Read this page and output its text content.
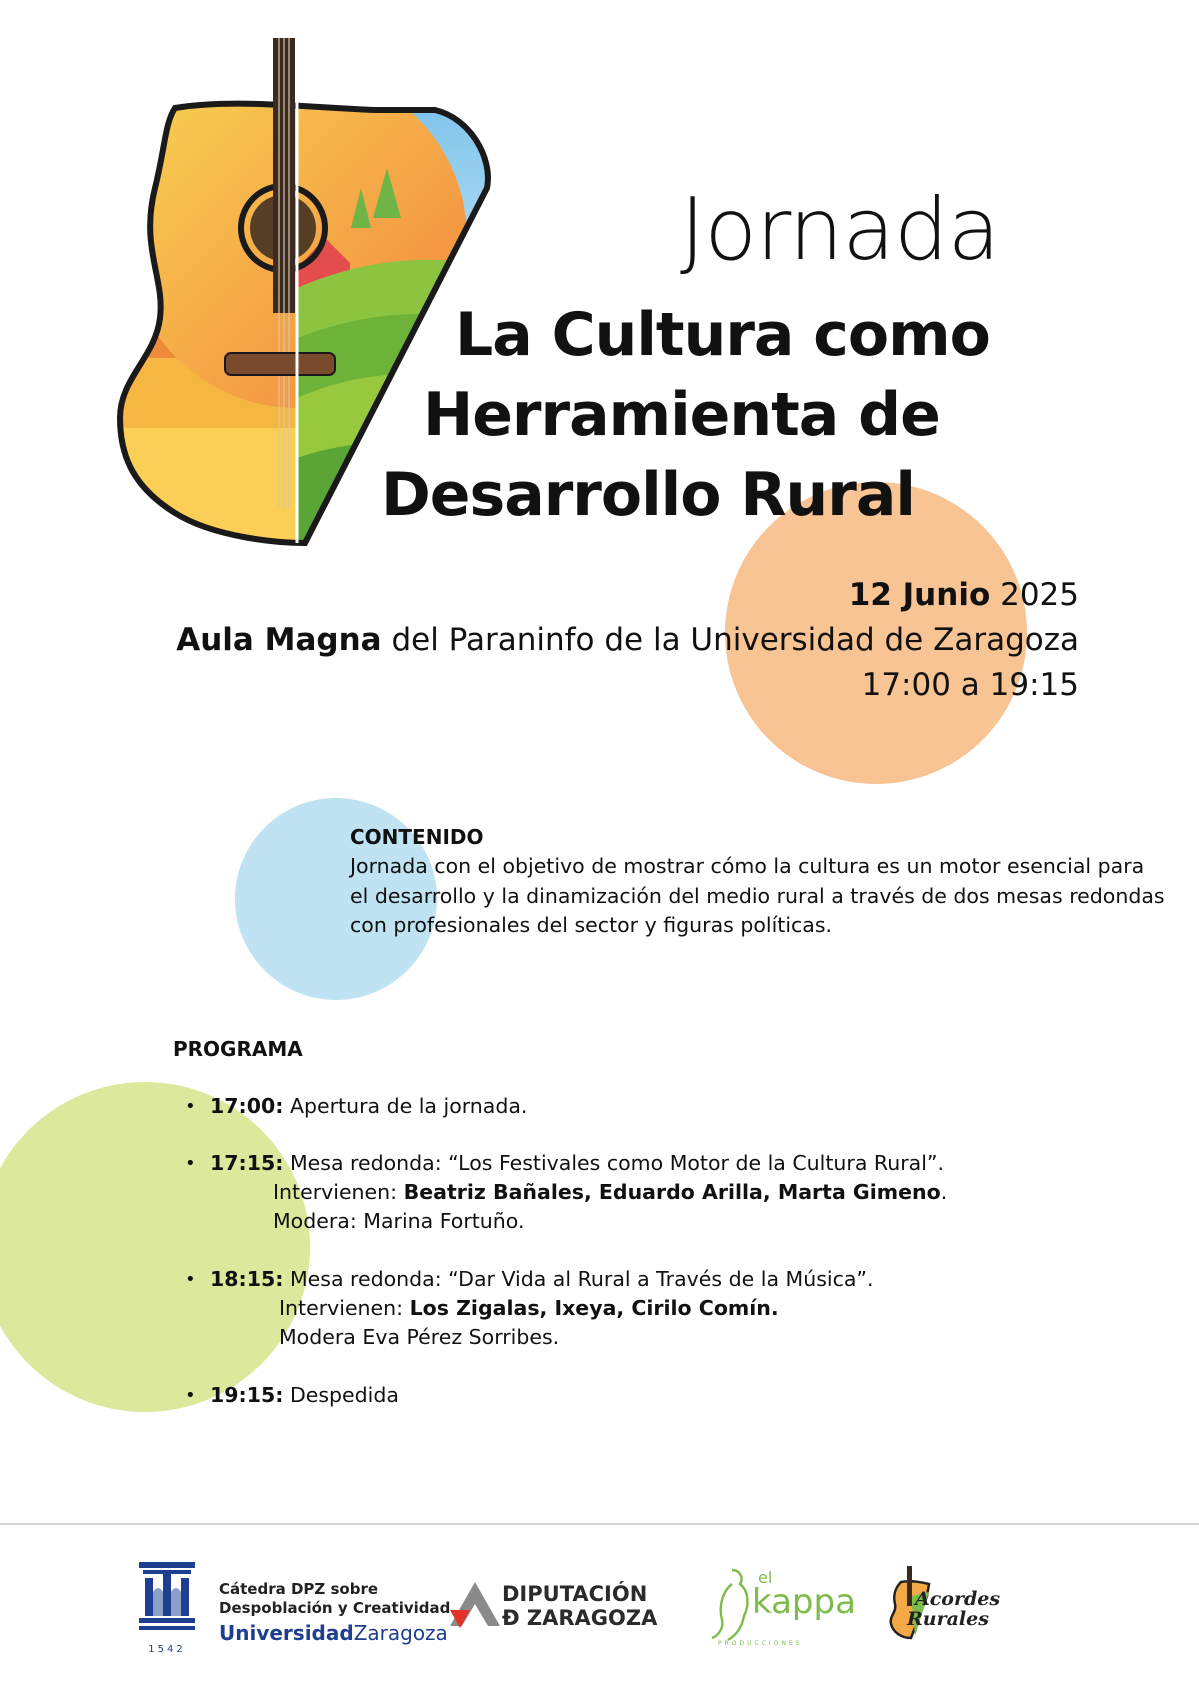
Jornada
La Cultura como
Herramienta de
Desarrollo Rural
12 Junio 2025
Aula Magna del Paraninfo de la Universidad de Zaragoza
17:00 a 19:15
CONTENIDO
Jornada con el objetivo de mostrar cómo la cultura es un motor esencial para
el desarrollo y la dinamización del medio rural a través de dos mesas redondas
con profesionales del sector y figuras políticas.
PROGRAMA
• 17:00: Apertura de la jornada.
• 17:15: Mesa redonda: “Los Festivales como Motor de la Cultura Rural”.
Intervienen: Beatriz Bañales, Eduardo Arilla, Marta Gimeno.
Modera: Marina Fortuño.
• 18:15: Mesa redonda: “Dar Vida al Rural a Través de la Música”.
Intervienen: Los Zigalas, Ixeya, Cirilo Comín.
Modera Eva Pérez Sorribes.
• 19:15: Despedida
1542
Cátedra DPZ sobre
Despoblación y Creatividad
UniversidadZaragoza
DIPUTACIÓN
Ð ZARAGOZA
el
kappa
PRODUCCIONES
Acordes
Rurales
